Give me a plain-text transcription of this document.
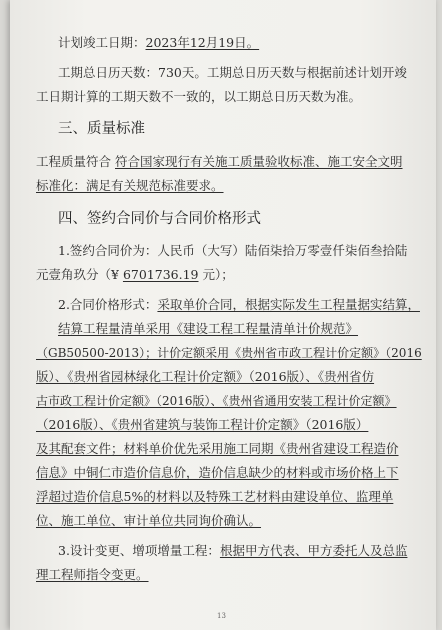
计划竣工日期：2023年12月19日。
工期总日历天数：730天。工期总日历天数与根据前述计划开竣
工日期计算的工期天数不一致的，以工期总日历天数为准。
三、质量标准
工程质量符合 符合国家现行有关施工质量验收标准、施工安全文明
标准化：满足有关规范标准要求。
四、签约合同价与合同价格形式
1.签约合同价为：人民币（大写）陆佰柒拾万零壹仟柒佰叁拾陆
元壹角玖分（¥ 6701736.19 元）；
2.合同价格形式：采取单价合同，根据实际发生工程量据实结算，
结算工程量清单采用《建设工程工程量清单计价规范》
（GB50500-2013）；计价定额采用《贵州省市政工程计价定额》（2016
版）、《贵州省园林绿化工程计价定额》（2016版）、《贵州省仿
古市政工程计价定额》（2016版）、《贵州省通用安装工程计价定额》
（2016版）、《贵州省建筑与装饰工程计价定额》（2016版）
及其配套文件；材料单价优先采用施工同期《贵州省建设工程造价
信息》中铜仁市造价信息价，造价信息缺少的材料或市场价格上下
浮超过造价信息5%的材料以及特殊工艺材料由建设单位、监理单
位、施工单位、审计单位共同询价确认。
3.设计变更、增项增量工程：根据甲方代表、甲方委托人及总监
理工程师指令变更。
13
